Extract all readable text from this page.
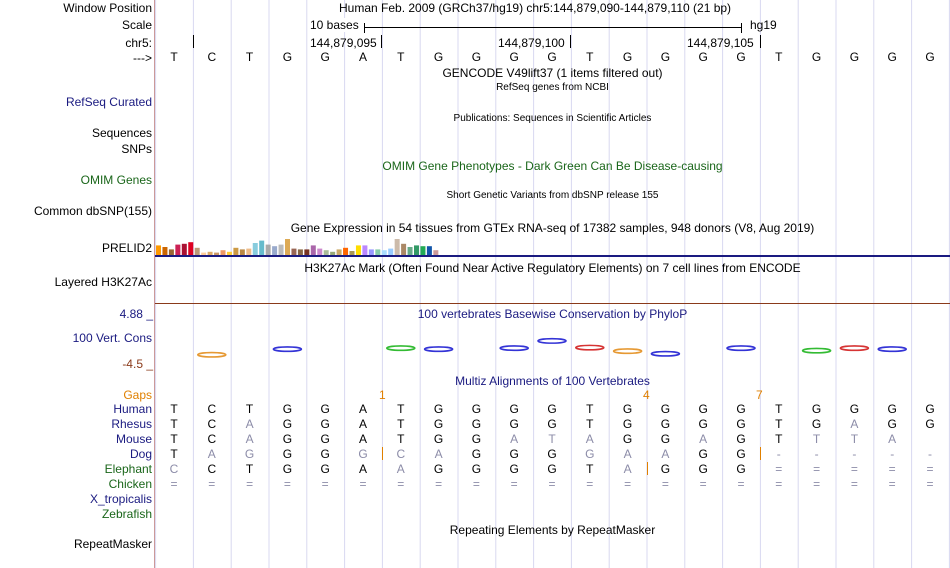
Window Position	Human Feb. 2009 (GRCh37/hg19) chr5:144,879,090-144,879,110 (21 bp)
Scale	10 bases	hg19
chr5:	144,879,095	144,879,100	144,879,105
--->	T	C	T	G	G	A	T	G	G	G	G	T	G	G	G	G	T	G	G	G	G
GENCODE V49lift37 (1 items filtered out)
RefSeq genes from NCBI
RefSeq Curated
Publications: Sequences in Scientific Articles
Sequences
SNPs
OMIM Gene Phenotypes - Dark Green Can Be Disease-causing
OMIM Genes
Short Genetic Variants from dbSNP release 155
Common dbSNP(155)
Gene Expression in 54 tissues from GTEx RNA-seq of 17382 samples, 948 donors (V8, Aug 2019)
PRELID2
H3K27Ac Mark (Often Found Near Active Regulatory Elements) on 7 cell lines from ENCODE
Layered H3K27Ac
100 vertebrates Basewise Conservation by PhyloP
4.88 _
100 Vert. Cons
-4.5 _
Multiz Alignments of 100 Vertebrates
Gaps	1	4	7
Human	T	C	T	G	G	A	T	G	G	G	G	T	G	G	G	G	T	G	G	G	G
Rhesus	T	C	A	G	G	A	T	G	G	G	G	T	G	G	G	G	T	G	A	G	G
Mouse	T	C	A	G	G	A	T	G	G	A	T	A	G	G	A	G	T	T	T	A
Dog	T	A	G	G	G	G	C	A	G	G	G	G	A	A	G	G	-	-	-	-	-
Elephant	C	C	T	G	G	A	A	G	G	G	G	T	A	G	G	G	=	=	=	=	=
Chicken	=	=	=	=	=	=	=	=	=	=	=	=	=	=	=	=	=	=	=	=	=
X_tropicalis
Zebrafish
Repeating Elements by RepeatMasker
RepeatMasker
